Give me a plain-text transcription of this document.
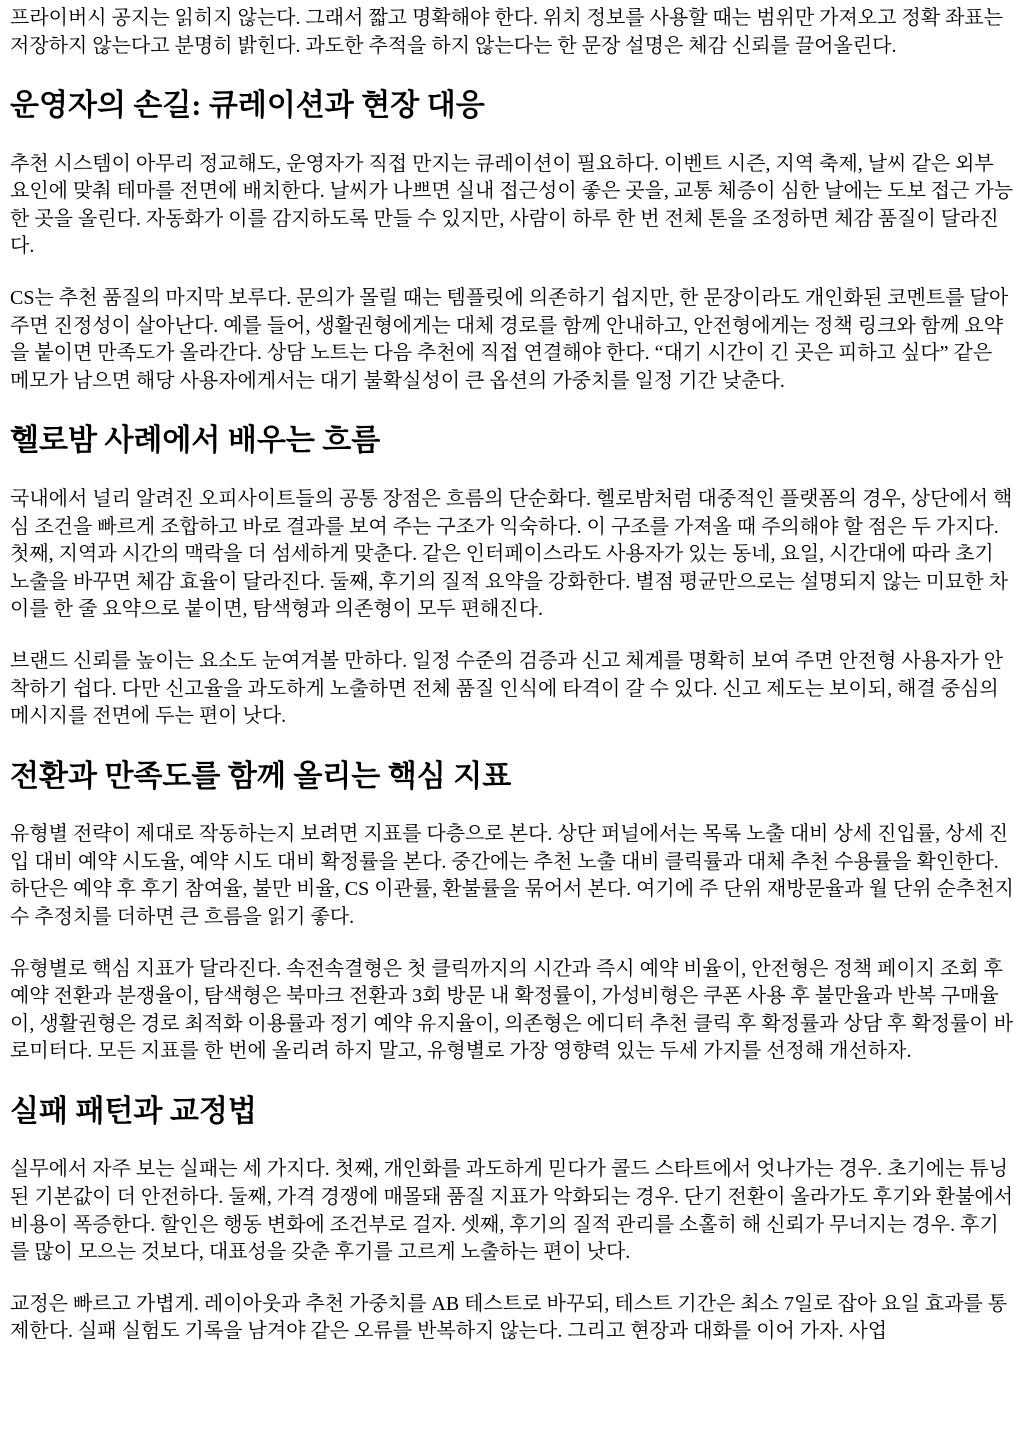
프라이버시 공지는 읽히지 않는다. 그래서 짧고 명확해야 한다. 위치 정보를 사용할 때는 범위만 가져오고 정확 좌표는 저장하지 않는다고 분명히 밝힌다. 과도한 추적을 하지 않는다는 한 문장 설명은 체감 신뢰를 끌어올린다.

운영자의 손길: 큐레이션과 현장 대응

추천 시스템이 아무리 정교해도, 운영자가 직접 만지는 큐레이션이 필요하다. 이벤트 시즌, 지역 축제, 날씨 같은 외부 요인에 맞춰 테마를 전면에 배치한다. 날씨가 나쁘면 실내 접근성이 좋은 곳을, 교통 체증이 심한 날에는 도보 접근 가능한 곳을 올린다. 자동화가 이를 감지하도록 만들 수 있지만, 사람이 하루 한 번 전체 톤을 조정하면 체감 품질이 달라진다.

CS는 추천 품질의 마지막 보루다. 문의가 몰릴 때는 템플릿에 의존하기 쉽지만, 한 문장이라도 개인화된 코멘트를 달아 주면 진정성이 살아난다. 예를 들어, 생활권형에게는 대체 경로를 함께 안내하고, 안전형에게는 정책 링크와 함께 요약을 붙이면 만족도가 올라간다. 상담 노트는 다음 추천에 직접 연결해야 한다. “대기 시간이 긴 곳은 피하고 싶다” 같은 메모가 남으면 해당 사용자에게서는 대기 불확실성이 큰 옵션의 가중치를 일정 기간 낮춘다.

헬로밤 사례에서 배우는 흐름

국내에서 널리 알려진 오피사이트들의 공통 장점은 흐름의 단순화다. 헬로밤처럼 대중적인 플랫폼의 경우, 상단에서 핵심 조건을 빠르게 조합하고 바로 결과를 보여 주는 구조가 익숙하다. 이 구조를 가져올 때 주의해야 할 점은 두 가지다. 첫째, 지역과 시간의 맥락을 더 섬세하게 맞춘다. 같은 인터페이스라도 사용자가 있는 동네, 요일, 시간대에 따라 초기 노출을 바꾸면 체감 효율이 달라진다. 둘째, 후기의 질적 요약을 강화한다. 별점 평균만으로는 설명되지 않는 미묘한 차이를 한 줄 요약으로 붙이면, 탐색형과 의존형이 모두 편해진다.

브랜드 신뢰를 높이는 요소도 눈여겨볼 만하다. 일정 수준의 검증과 신고 체계를 명확히 보여 주면 안전형 사용자가 안착하기 쉽다. 다만 신고율을 과도하게 노출하면 전체 품질 인식에 타격이 갈 수 있다. 신고 제도는 보이되, 해결 중심의 메시지를 전면에 두는 편이 낫다.

전환과 만족도를 함께 올리는 핵심 지표

유형별 전략이 제대로 작동하는지 보려면 지표를 다층으로 본다. 상단 퍼널에서는 목록 노출 대비 상세 진입률, 상세 진입 대비 예약 시도율, 예약 시도 대비 확정률을 본다. 중간에는 추천 노출 대비 클릭률과 대체 추천 수용률을 확인한다. 하단은 예약 후 후기 참여율, 불만 비율, CS 이관률, 환불률을 묶어서 본다. 여기에 주 단위 재방문율과 월 단위 순추천지수 추정치를 더하면 큰 흐름을 읽기 좋다.

유형별로 핵심 지표가 달라진다. 속전속결형은 첫 클릭까지의 시간과 즉시 예약 비율이, 안전형은 정책 페이지 조회 후 예약 전환과 분쟁율이, 탐색형은 북마크 전환과 3회 방문 내 확정률이, 가성비형은 쿠폰 사용 후 불만율과 반복 구매율이, 생활권형은 경로 최적화 이용률과 정기 예약 유지율이, 의존형은 에디터 추천 클릭 후 확정률과 상담 후 확정률이 바로미터다. 모든 지표를 한 번에 올리려 하지 말고, 유형별로 가장 영향력 있는 두세 가지를 선정해 개선하자.

실패 패턴과 교정법

실무에서 자주 보는 실패는 세 가지다. 첫째, 개인화를 과도하게 믿다가 콜드 스타트에서 엇나가는 경우. 초기에는 튜닝된 기본값이 더 안전하다. 둘째, 가격 경쟁에 매몰돼 품질 지표가 악화되는 경우. 단기 전환이 올라가도 후기와 환불에서 비용이 폭증한다. 할인은 행동 변화에 조건부로 걸자. 셋째, 후기의 질적 관리를 소홀히 해 신뢰가 무너지는 경우. 후기를 많이 모으는 것보다, 대표성을 갖춘 후기를 고르게 노출하는 편이 낫다.

교정은 빠르고 가볍게. 레이아웃과 추천 가중치를 AB 테스트로 바꾸되, 테스트 기간은 최소 7일로 잡아 요일 효과를 통제한다. 실패 실험도 기록을 남겨야 같은 오류를 반복하지 않는다. 그리고 현장과 대화를 이어 가자. 사업
